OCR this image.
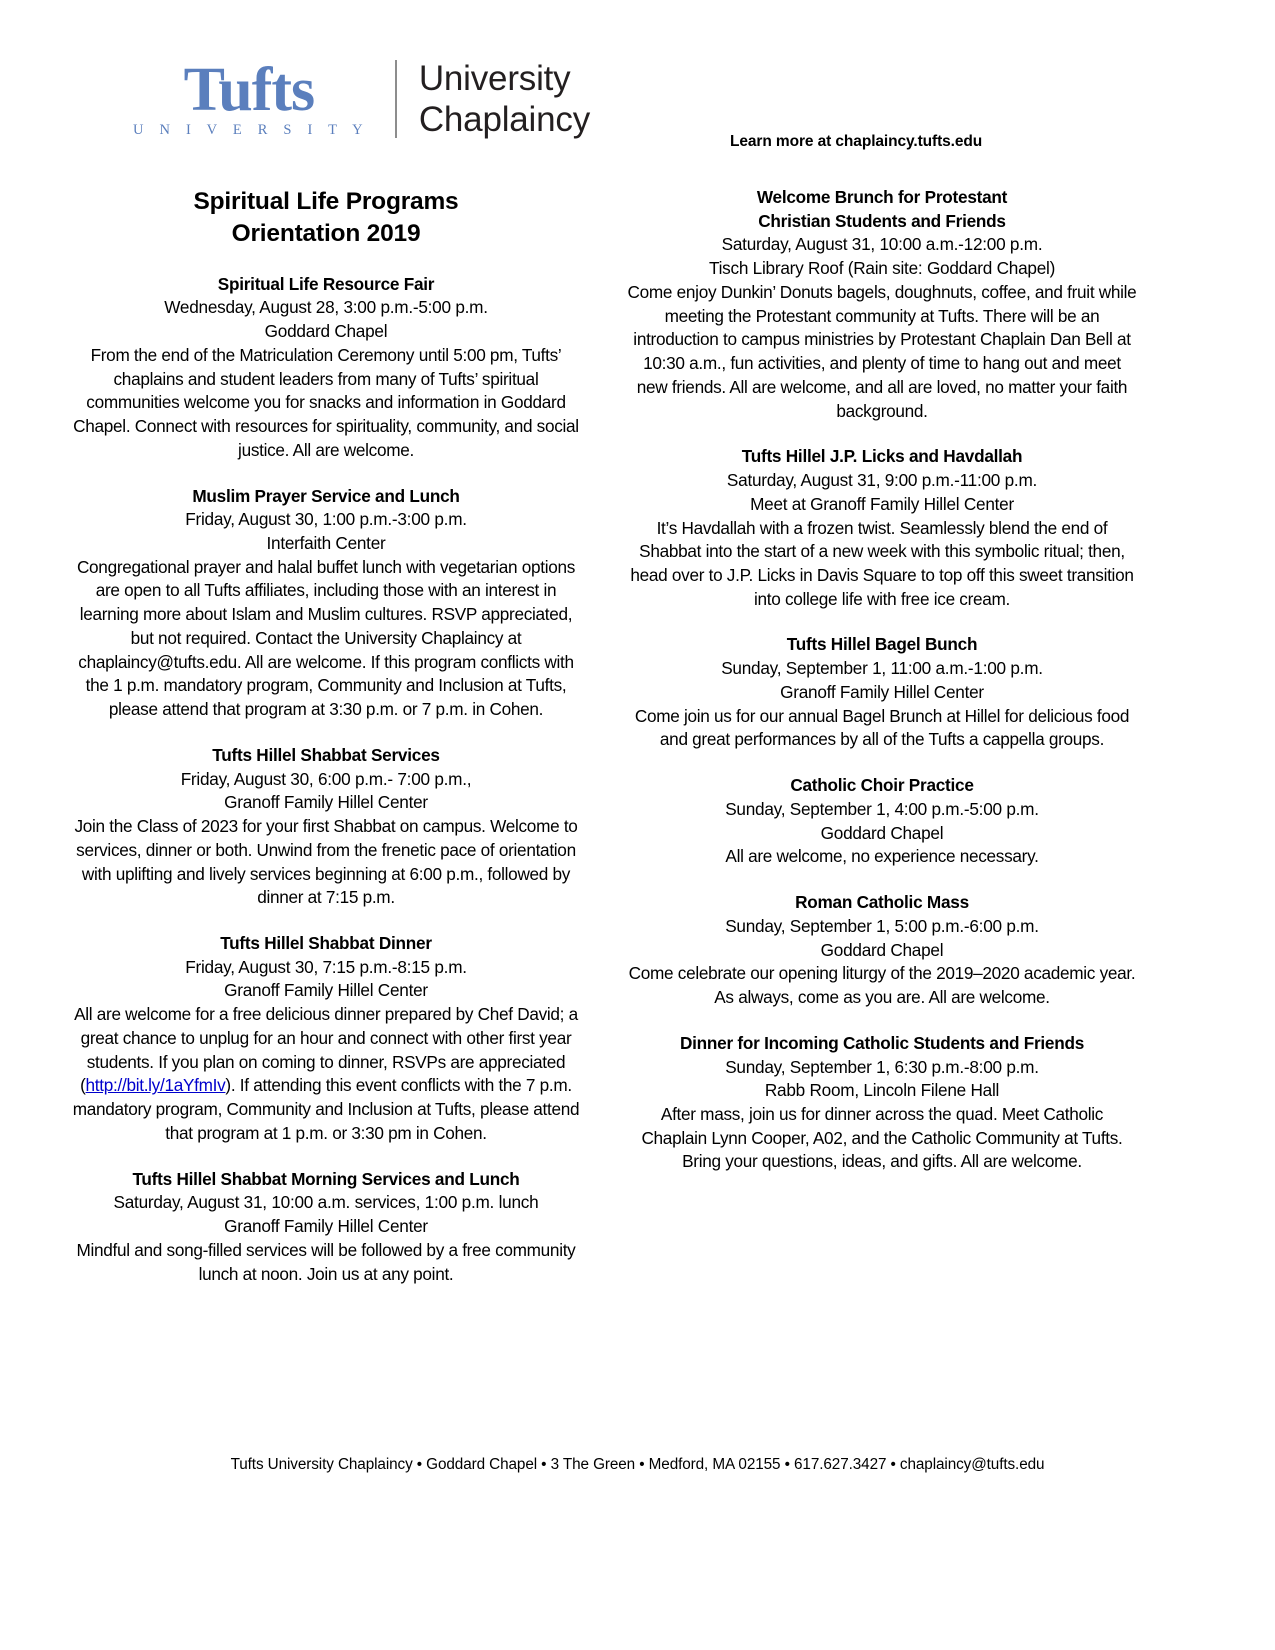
Tufts
U N I V E R S I T Y
University
Chaplaincy
Learn more at chaplaincy.tufts.edu
Spiritual Life Programs
Orientation 2019

Spiritual Life Resource Fair

Wednesday, August 28, 3:00 p.m.-5:00 p.m.

Goddard Chapel

From the end of the Matriculation Ceremony until 5:00 pm, Tufts’ chaplains and student leaders from many of Tufts’ spiritual communities welcome you for snacks and information in Goddard Chapel. Connect with resources for spirituality, community, and social justice. All are welcome.

Muslim Prayer Service and Lunch

Friday, August 30, 1:00 p.m.-3:00 p.m.

Interfaith Center

Congregational prayer and halal buffet lunch with vegetarian options are open to all Tufts affiliates, including those with an interest in learning more about Islam and Muslim cultures. RSVP appreciated, but not required. Contact the University Chaplaincy at chaplaincy@tufts.edu. All are welcome. If this program conflicts with the 1 p.m. mandatory program, Community and Inclusion at Tufts, please attend that program at 3:30 p.m. or 7 p.m. in Cohen.

Tufts Hillel Shabbat Services

Friday, August 30, 6:00 p.m.- 7:00 p.m.,

Granoff Family Hillel Center

Join the Class of 2023 for your first Shabbat on campus. Welcome to services, dinner or both. Unwind from the frenetic pace of orientation with uplifting and lively services beginning at 6:00 p.m., followed by dinner at 7:15 p.m.

Tufts Hillel Shabbat Dinner

Friday, August 30, 7:15 p.m.-8:15 p.m.

Granoff Family Hillel Center

All are welcome for a free delicious dinner prepared by Chef David; a great chance to unplug for an hour and connect with other first year students. If you plan on coming to dinner, RSVPs are appreciated (http://bit.ly/1aYfmIv). If attending this event conflicts with the 7 p.m. mandatory program, Community and Inclusion at Tufts, please attend that program at 1 p.m. or 3:30 pm in Cohen.

Tufts Hillel Shabbat Morning Services and Lunch

Saturday, August 31, 10:00 a.m. services, 1:00 p.m. lunch

Granoff Family Hillel Center

Mindful and song-filled services will be followed by a free community lunch at noon. Join us at any point.

Welcome Brunch for Protestant

Christian Students and Friends

Saturday, August 31, 10:00 a.m.-12:00 p.m.

Tisch Library Roof (Rain site: Goddard Chapel)

Come enjoy Dunkin’ Donuts bagels, doughnuts, coffee, and fruit while meeting the Protestant community at Tufts. There will be an introduction to campus ministries by Protestant Chaplain Dan Bell at 10:30 a.m., fun activities, and plenty of time to hang out and meet new friends. All are welcome, and all are loved, no matter your faith background.

Tufts Hillel J.P. Licks and Havdallah

Saturday, August 31, 9:00 p.m.-11:00 p.m.

Meet at Granoff Family Hillel Center

It’s Havdallah with a frozen twist. Seamlessly blend the end of Shabbat into the start of a new week with this symbolic ritual; then, head over to J.P. Licks in Davis Square to top off this sweet transition into college life with free ice cream.

Tufts Hillel Bagel Bunch

Sunday, September 1, 11:00 a.m.-1:00 p.m.

Granoff Family Hillel Center

Come join us for our annual Bagel Brunch at Hillel for delicious food and great performances by all of the Tufts a cappella groups.

Catholic Choir Practice

Sunday, September 1, 4:00 p.m.-5:00 p.m.

Goddard Chapel

All are welcome, no experience necessary.

Roman Catholic Mass

Sunday, September 1, 5:00 p.m.-6:00 p.m.

Goddard Chapel

Come celebrate our opening liturgy of the 2019–2020 academic year. As always, come as you are. All are welcome.

Dinner for Incoming Catholic Students and Friends

Sunday, September 1, 6:30 p.m.-8:00 p.m.

Rabb Room, Lincoln Filene Hall

After mass, join us for dinner across the quad. Meet Catholic Chaplain Lynn Cooper, A02, and the Catholic Community at Tufts. Bring your questions, ideas, and gifts. All are welcome.

Tufts University Chaplaincy • Goddard Chapel • 3 The Green • Medford, MA 02155 • 617.627.3427 • chaplaincy@tufts.edu
